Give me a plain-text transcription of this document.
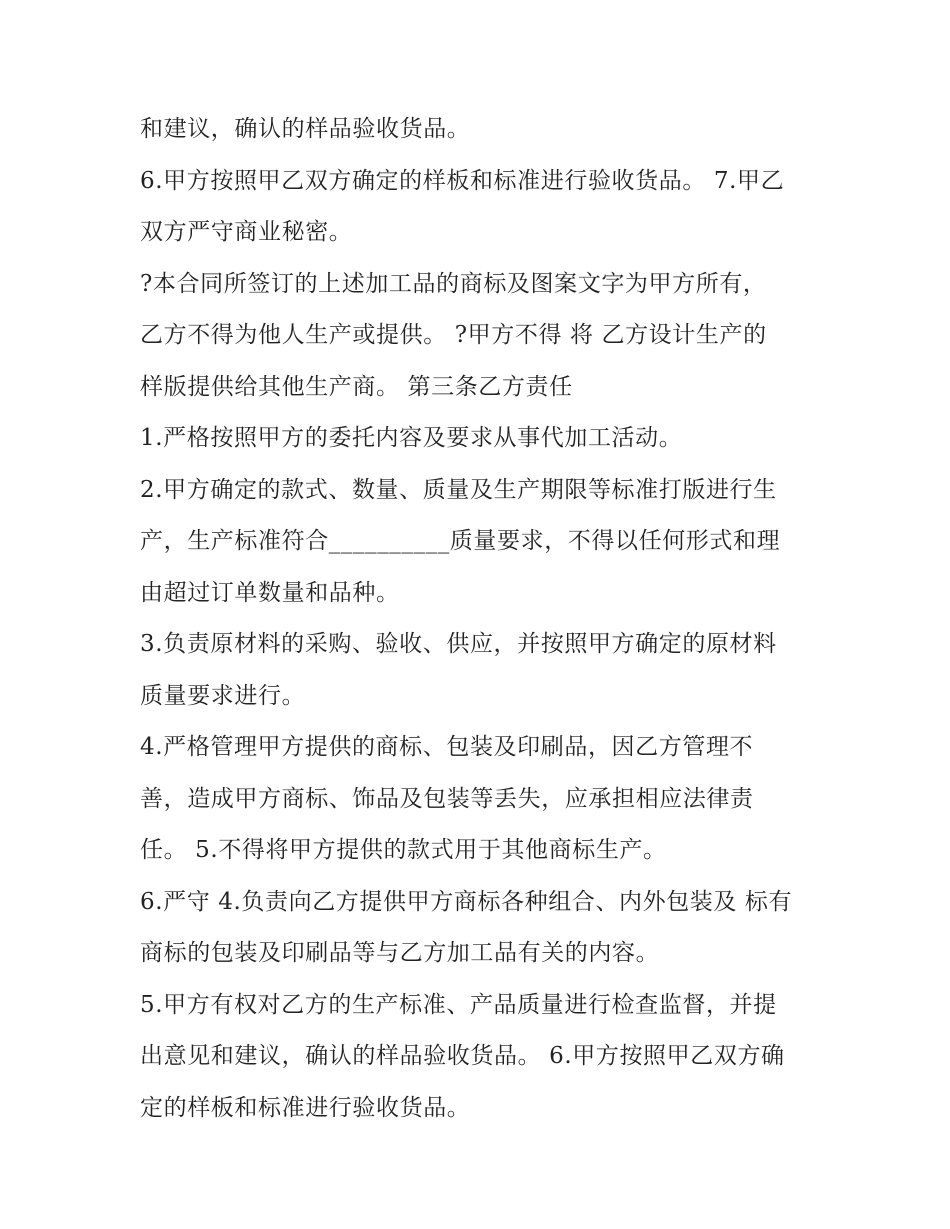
和建议，确认的样品验收货品。
6.甲方按照甲乙双方确定的样板和标准进行验收货品。 7.甲乙
双方严守商业秘密。
?本合同所签订的上述加工品的商标及图案文字为甲方所有，
乙方不得为他人生产或提供。 ?甲方不得 将 乙方设计生产的
样版提供给其他生产商。 第三条乙方责任
1.严格按照甲方的委托内容及要求从事代加工活动。
2.甲方确定的款式、数量、质量及生产期限等标准打版进行生
产，生产标准符合__________质量要求，不得以任何形式和理
由超过订单数量和品种。
3.负责原材料的采购、验收、供应，并按照甲方确定的原材料
质量要求进行。
4.严格管理甲方提供的商标、包装及印刷品，因乙方管理不
善，造成甲方商标、饰品及包装等丢失，应承担相应法律责
任。 5.不得将甲方提供的款式用于其他商标生产。
6.严守 4.负责向乙方提供甲方商标各种组合、内外包装及 标有
商标的包装及印刷品等与乙方加工品有关的内容。
5.甲方有权对乙方的生产标准、产品质量进行检查监督，并提
出意见和建议，确认的样品验收货品。 6.甲方按照甲乙双方确
定的样板和标准进行验收货品。
